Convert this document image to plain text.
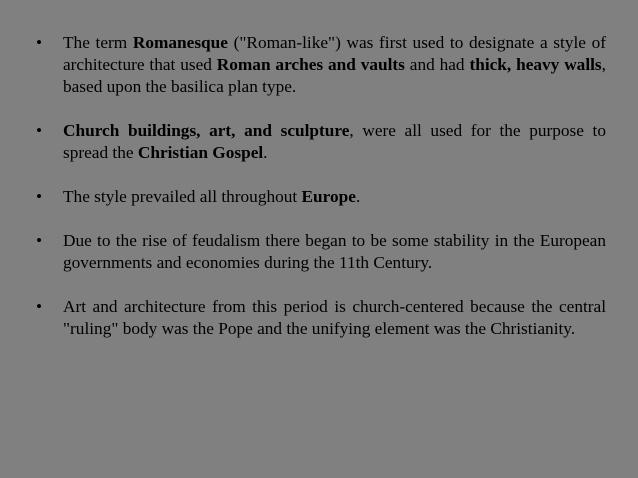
•	The term Romanesque ("Roman-like") was first used to designate a style of architecture that used Roman arches and vaults and had thick, heavy walls, based upon the basilica plan type.
•	Church buildings, art, and sculpture, were all used for the purpose to spread the Christian Gospel.
•	The style prevailed all throughout Europe.
•	Due to the rise of feudalism there began to be some stability in the European governments and economies during the 11th Century.
•	Art and architecture from this period is church-centered because the central "ruling" body was the Pope and the unifying element was the Christianity.
